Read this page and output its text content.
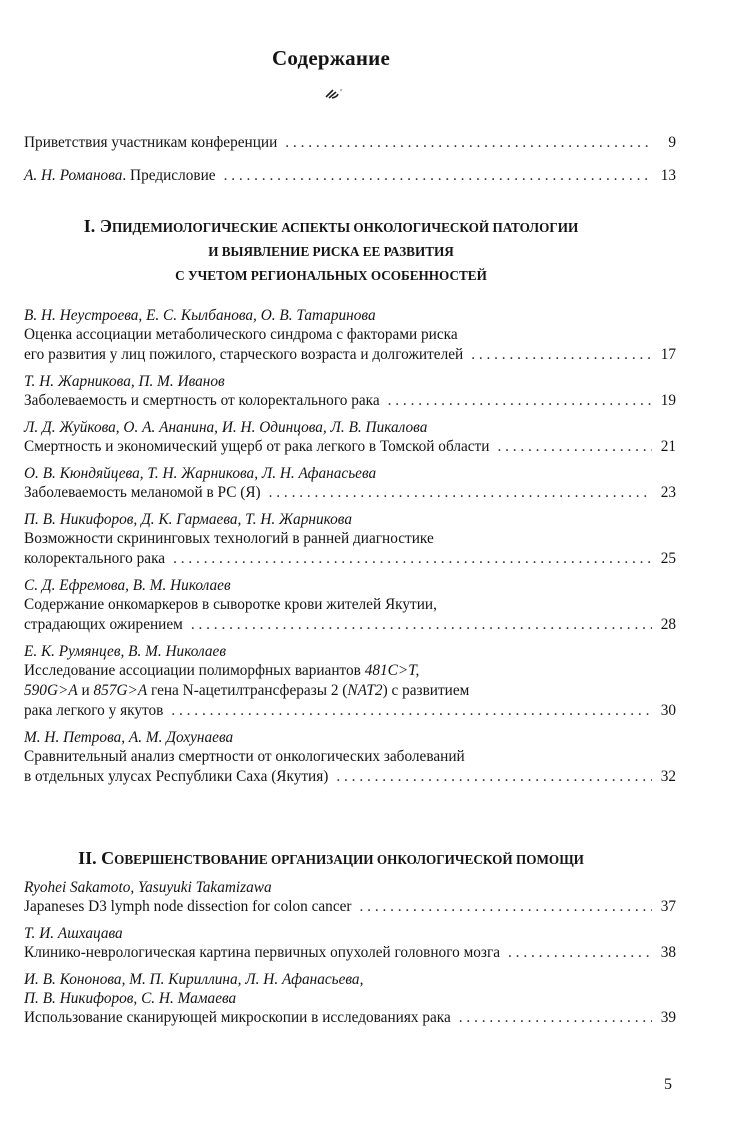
Содержание
Приветствия участникам конференции . . .	9
А. Н. Романова. Предисловие . . .	13
I. ЭПИДЕМИОЛОГИЧЕСКИЕ АСПЕКТЫ ОНКОЛОГИЧЕСКОЙ ПАТОЛОГИИ
И ВЫЯВЛЕНИЕ РИСКА ЕЕ РАЗВИТИЯ
С УЧЕТОМ РЕГИОНАЛЬНЫХ ОСОБЕННОСТЕЙ
В. Н. Неустроева, Е. С. Кылбанова, О. В. Татаринова
Оценка ассоциации метаболического синдрома с факторами риска
его развития у лиц пожилого, старческого возраста и долгожителей . . .	17
Т. Н. Жарникова, П. М. Иванов
Заболеваемость и смертность от колоректального рака . . .	19
Л. Д. Жуйкова, О. А. Ананина, И. Н. Одинцова, Л. В. Пикалова
Смертность и экономический ущерб от рака легкого в Томской области . . .	21
О. В. Кюндяйцева, Т. Н. Жарникова, Л. Н. Афанасьева
Заболеваемость меланомой в РС (Я) . . .	23
П. В. Никифоров, Д. К. Гармаева, Т. Н. Жарникова
Возможности скрининговых технологий в ранней диагностике
колоректального рака . . .	25
С. Д. Ефремова, В. М. Николаев
Содержание онкомаркеров в сыворотке крови жителей Якутии,
страдающих ожирением . . .	28
Е. К. Румянцев, В. М. Николаев
Исследование ассоциации полиморфных вариантов 481C>T,
590G>A и 857G>A гена N-ацетилтрансферазы 2 (NAT2) с развитием
рака легкого у якутов . . .	30
М. Н. Петрова, А. М. Дохунаева
Сравнительный анализ смертности от онкологических заболеваний
в отдельных улусах Республики Саха (Якутия) . . .	32
II. СОВЕРШЕНСТВОВАНИЕ ОРГАНИЗАЦИИ ОНКОЛОГИЧЕСКОЙ ПОМОЩИ
Ryohei Sakamoto, Yasuyuki Takamizawa
Japaneses D3 lymph node dissection for colon cancer . . .	37
Т. И. Ашхацава
Клинико-неврологическая картина первичных опухолей головного мозга . . .	38
И. В. Кононова, М. П. Кириллина, Л. Н. Афанасьева,
П. В. Никифоров, С. Н. Мамаева
Использование сканирующей микроскопии в исследованиях рака . . .	39
5
